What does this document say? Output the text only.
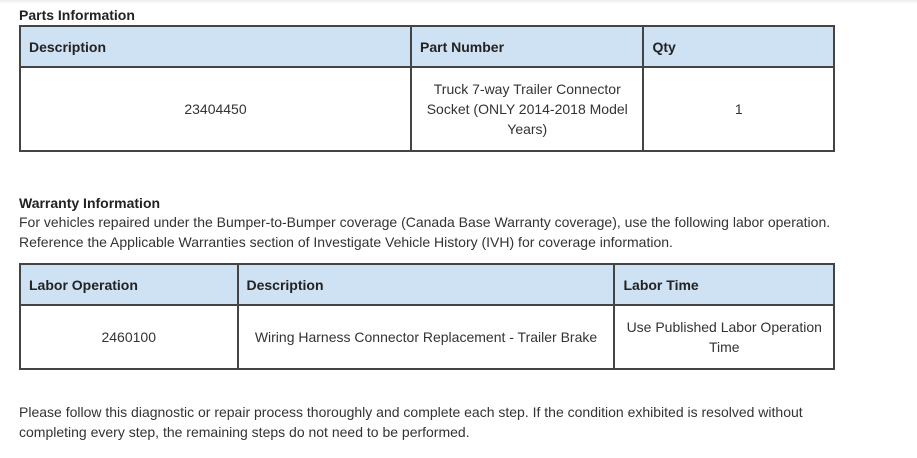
Parts Information
Description	Part Number	Qty
23404450	Truck 7-way Trailer Connector Socket (ONLY 2014-2018 Model Years)	1
Warranty Information

For vehicles repaired under the Bumper-to-Bumper coverage (Canada Base Warranty coverage), use the following labor operation.

Reference the Applicable Warranties section of Investigate Vehicle History (IVH) for coverage information.

Labor Operation	Description	Labor Time
2460100	Wiring Harness Connector Replacement - Trailer Brake	Use Published Labor Operation Time

Please follow this diagnostic or repair process thoroughly and complete each step. If the condition exhibited is resolved without completing every step, the remaining steps do not need to be performed.
